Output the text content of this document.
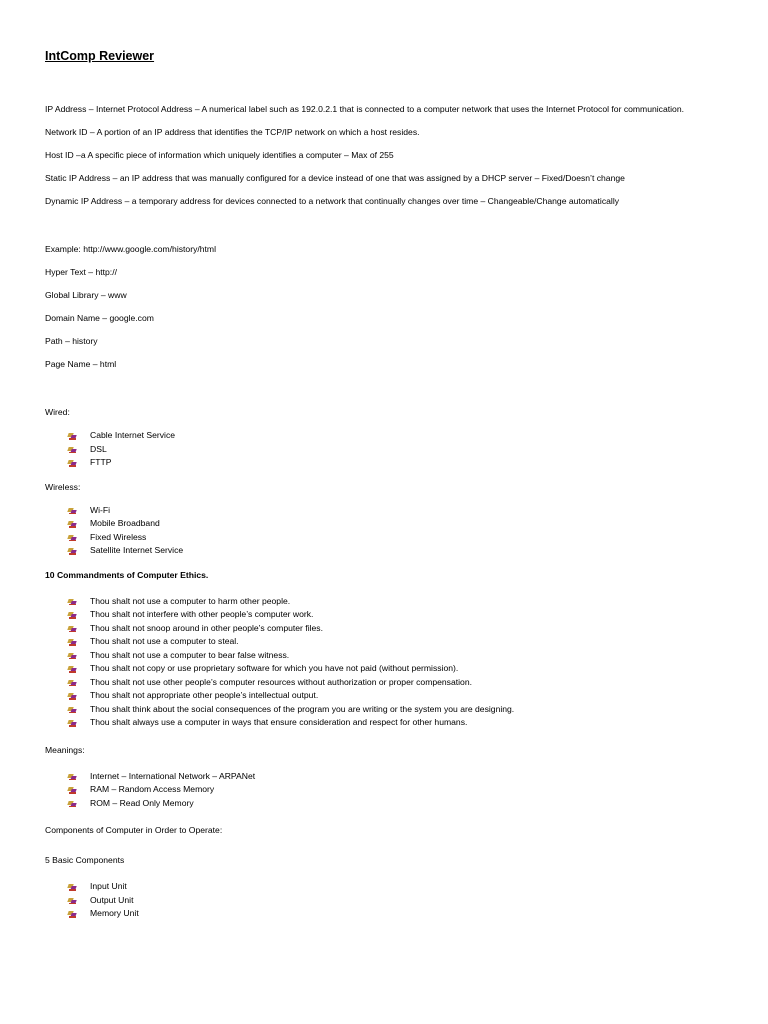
IntComp Reviewer

IP Address – Internet Protocol Address – A numerical label such as 192.0.2.1 that is connected to a computer network that uses the Internet Protocol for communication.

Network ID – A portion of an IP address that identifies the TCP/IP network on which a host resides.

Host ID –a A specific piece of information which uniquely identifies a computer – Max of 255

Static IP Address – an IP address that was manually configured for a device instead of one that was assigned by a DHCP server – Fixed/Doesn’t change

Dynamic IP Address – a temporary address for devices connected to a network that continually changes over time – Changeable/Change automatically

Example: http://www.google.com/history/html

Hyper Text – http://

Global Library – www

Domain Name – google.com

Path – history

Page Name – html

Wired:

Cable Internet Service
DSL
FTTP

Wireless:

Wi-Fi
Mobile Broadband
Fixed Wireless
Satellite Internet Service

10 Commandments of Computer Ethics.

Thou shalt not use a computer to harm other people.
Thou shalt not interfere with other people’s computer work.
Thou shalt not snoop around in other people’s computer files.
Thou shalt not use a computer to steal.
Thou shalt not use a computer to bear false witness.
Thou shalt not copy or use proprietary software for which you have not paid (without permission).
Thou shalt not use other people’s computer resources without authorization or proper compensation.
Thou shalt not appropriate other people’s intellectual output.
Thou shalt think about the social consequences of the program you are writing or the system you are designing.
Thou shalt always use a computer in ways that ensure consideration and respect for other humans.

Meanings:

Internet – International Network – ARPANet
RAM – Random Access Memory
ROM – Read Only Memory

Components of Computer in Order to Operate:

5 Basic Components

Input Unit
Output Unit
Memory Unit
